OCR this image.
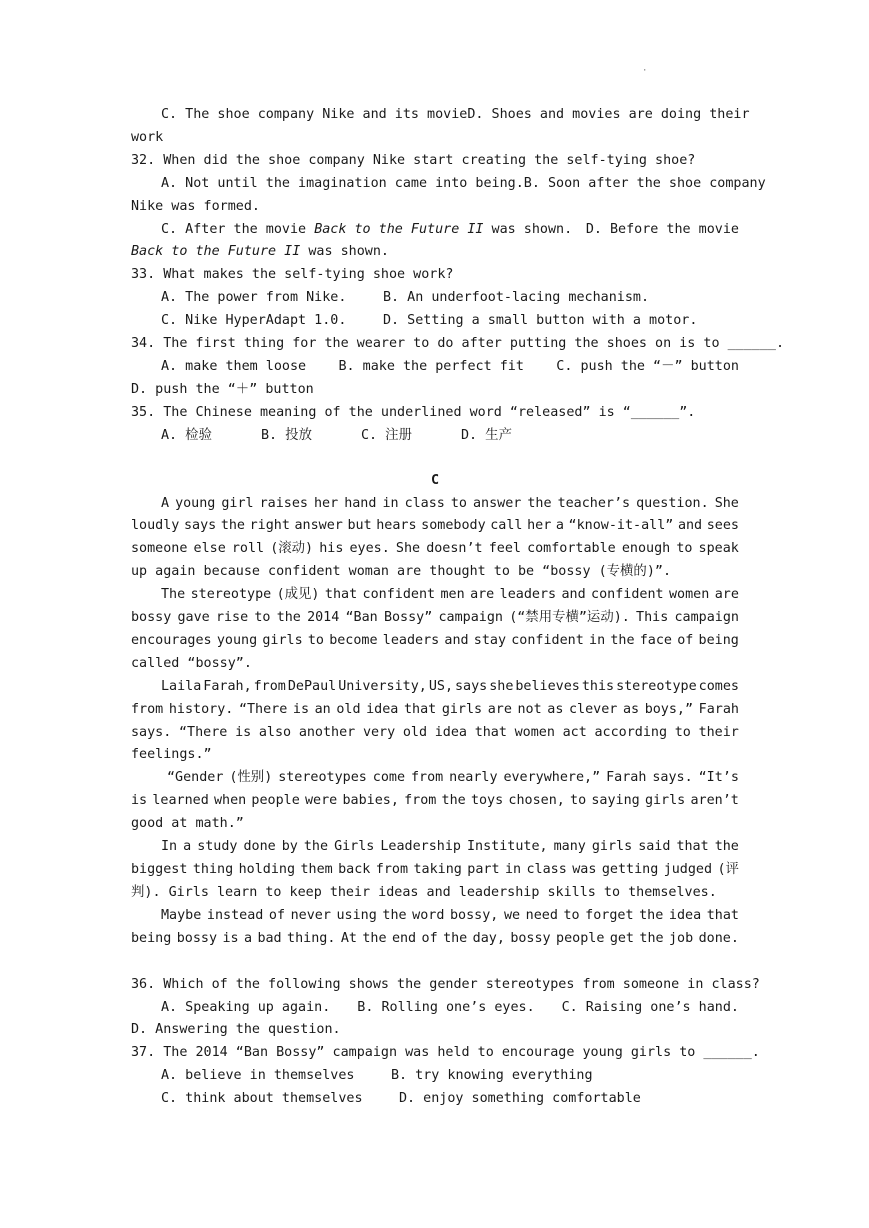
·
C. The shoe company Nike and its movie D. Shoes and movies are doing their
work
32. When did the shoe company Nike start creating the self-tying shoe?
A. Not until the imagination came into being. B. Soon after the shoe company
Nike was formed.
C. After the movie Back to the Future II was shown. D. Before the movie
Back to the Future II was shown.
33. What makes the self-tying shoe work?
A. The power from Nike.	B. An underfoot-lacing mechanism.
C. Nike HyperAdapt 1.0.	D. Setting a small button with a motor.
34. The first thing for the wearer to do after putting the shoes on is to ______.
A. make them loose B. make the perfect fit C. push the “－” button
D. push the “＋” button
35. The Chinese meaning of the underlined word “released” is “______”.
A. 检验	B. 投放	C. 注册	D. 生产
C
A young girl raises her hand in class to answer the teacher’s question. She
loudly says the right answer but hears somebody call her a “know-it-all” and sees
someone else roll (滚动) his eyes. She doesn’t feel comfortable enough to speak
up again because confident woman are thought to be “bossy (专横的)”.
The stereotype (成见) that confident men are leaders and confident women are
bossy gave rise to the 2014 “Ban Bossy” campaign (“禁用专横”运动). This campaign
encourages young girls to become leaders and stay confident in the face of being
called “bossy”.
Laila Farah, from DePaul University, US, says she believes this stereotype comes
from history. “There is an old idea that girls are not as clever as boys,” Farah
says. “There is also another very old idea that women act according to their
feelings.”
“Gender (性别) stereotypes come from nearly everywhere,” Farah says. “It’s
is learned when people were babies, from the toys chosen, to saying girls aren’t
good at math.”
In a study done by the Girls Leadership Institute, many girls said that the
biggest thing holding them back from taking part in class was getting judged (评
判). Girls learn to keep their ideas and leadership skills to themselves.
Maybe instead of never using the word bossy, we need to forget the idea that
being bossy is a bad thing. At the end of the day, bossy people get the job done.
36. Which of the following shows the gender stereotypes from someone in class?
A. Speaking up again. B. Rolling one’s eyes. C. Raising one’s hand.
D. Answering the question.
37. The 2014 “Ban Bossy” campaign was held to encourage young girls to ______.
A. believe in themselves	B. try knowing everything
C. think about themselves	D. enjoy something comfortable
